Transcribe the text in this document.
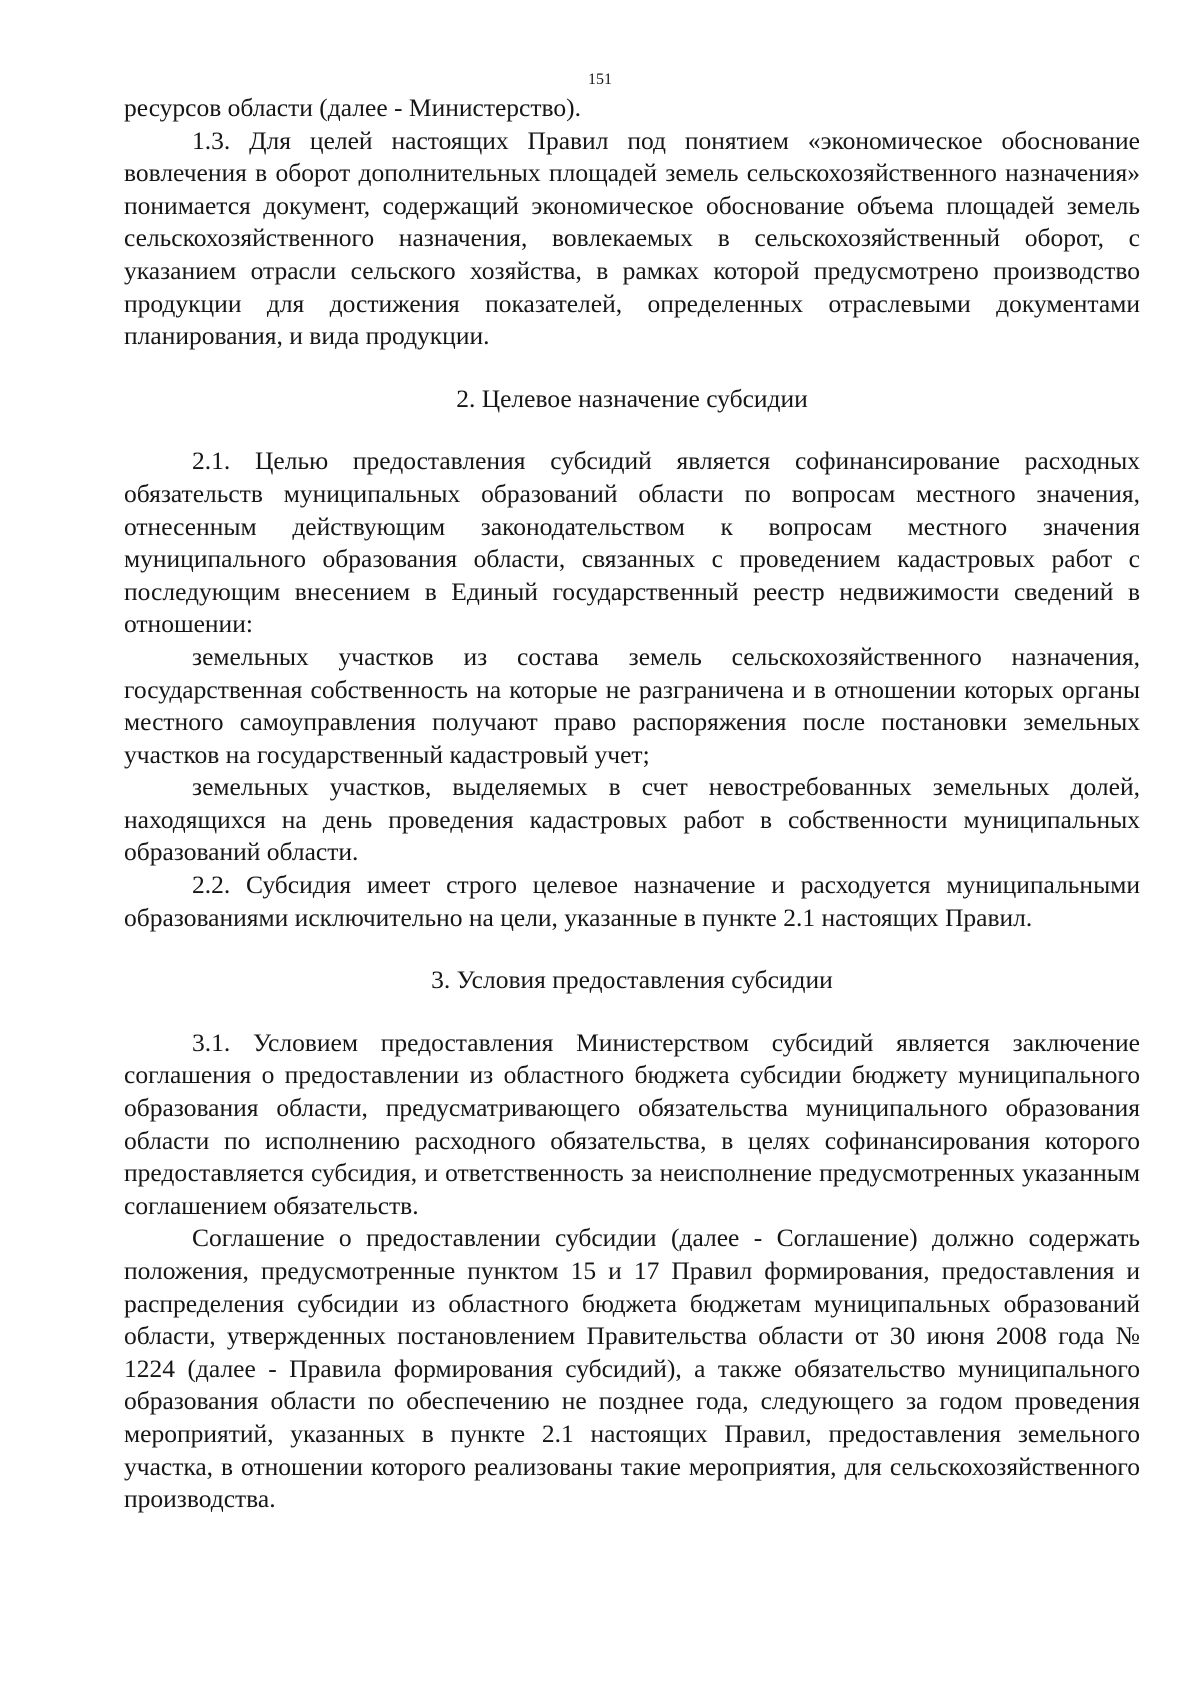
151

ресурсов области (далее - Министерство).

1.3. Для целей настоящих Правил под понятием «экономическое обоснование вовлечения в оборот дополнительных площадей земель сельскохозяйственного назначения» понимается документ, содержащий экономическое обоснование объема площадей земель сельскохозяйственного назначения, вовлекаемых в сельскохозяйственный оборот, с указанием отрасли сельского хозяйства, в рамках которой предусмотрено производство продукции для достижения показателей, определенных отраслевыми документами планирования, и вида продукции.

2. Целевое назначение субсидии

2.1. Целью предоставления субсидий является софинансирование расходных обязательств муниципальных образований области по вопросам местного значения, отнесенным действующим законодательством к вопросам местного значения муниципального образования области, связанных с проведением кадастровых работ с последующим внесением в Единый государственный реестр недвижимости сведений в отношении:

земельных участков из состава земель сельскохозяйственного назначения, государственная собственность на которые не разграничена и в отношении которых органы местного самоуправления получают право распоряжения после постановки земельных участков на государственный кадастровый учет;

земельных участков, выделяемых в счет невостребованных земельных долей, находящихся на день проведения кадастровых работ в собственности муниципальных образований области.

2.2. Субсидия имеет строго целевое назначение и расходуется муниципальными образованиями исключительно на цели, указанные в пункте 2.1 настоящих Правил.

3. Условия предоставления субсидии

3.1. Условием предоставления Министерством субсидий является заключение соглашения о предоставлении из областного бюджета субсидии бюджету муниципального образования области, предусматривающего обязательства муниципального образования области по исполнению расходного обязательства, в целях софинансирования которого предоставляется субсидия, и ответственность за неисполнение предусмотренных указанным соглашением обязательств.

Соглашение о предоставлении субсидии (далее - Соглашение) должно содержать положения, предусмотренные пунктом 15 и 17 Правил формирования, предоставления и распределения субсидии из областного бюджета бюджетам муниципальных образований области, утвержденных постановлением Правительства области от 30 июня 2008 года № 1224 (далее - Правила формирования субсидий), а также обязательство муниципального образования области по обеспечению не позднее года, следующего за годом проведения мероприятий, указанных в пункте 2.1 настоящих Правил, предоставления земельного участка, в отношении которого реализованы такие мероприятия, для сельскохозяйственного производства.
